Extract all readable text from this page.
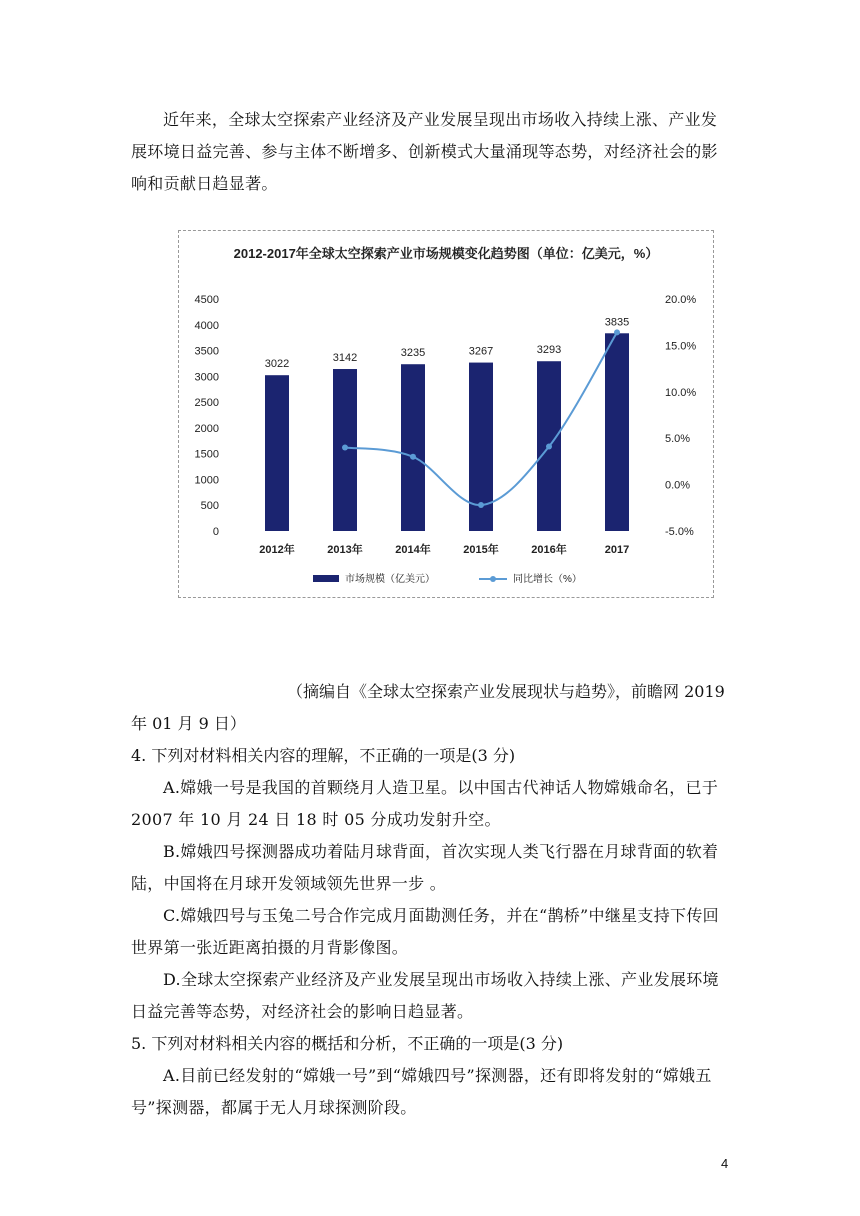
近年来，全球太空探索产业经济及产业发展呈现出市场收入持续上涨、产业发展环境日益完善、参与主体不断增多、创新模式大量涌现等态势，对经济社会的影响和贡献日趋显著。
2012-2017年全球太空探索产业市场规模变化趋势图（单位：亿美元，%）
0
500
1000
1500
2000
2500
3000
3500
4000
4500
-5.0%
0.0%
5.0%
10.0%
15.0%
20.0%
3022
3142	3235	3267	3293
3835
2012年	2013年	2014年	2015年	2016年	2017
市场规模（亿美元）	同比增长（%）
（摘编自《全球太空探索产业发展现状与趋势》，前瞻网 2019
年 01 月 9 日）
4. 下列对材料相关内容的理解，不正确的一项是(3 分)
A.嫦娥一号是我国的首颗绕月人造卫星。以中国古代神话人物嫦娥命名，已于 2007 年 10 月 24 日 18 时 05 分成功发射升空。
B.嫦娥四号探测器成功着陆月球背面，首次实现人类飞行器在月球背面的软着陆，中国将在月球开发领域领先世界一步 。
C.嫦娥四号与玉兔二号合作完成月面勘测任务，并在“鹊桥”中继星支持下传回世界第一张近距离拍摄的月背影像图。
D.全球太空探索产业经济及产业发展呈现出市场收入持续上涨、产业发展环境日益完善等态势，对经济社会的影响日趋显著。
5. 下列对材料相关内容的概括和分析，不正确的一项是(3 分)
A.目前已经发射的“嫦娥一号”到“嫦娥四号”探测器，还有即将发射的“嫦娥五号”探测器，都属于无人月球探测阶段。
4
